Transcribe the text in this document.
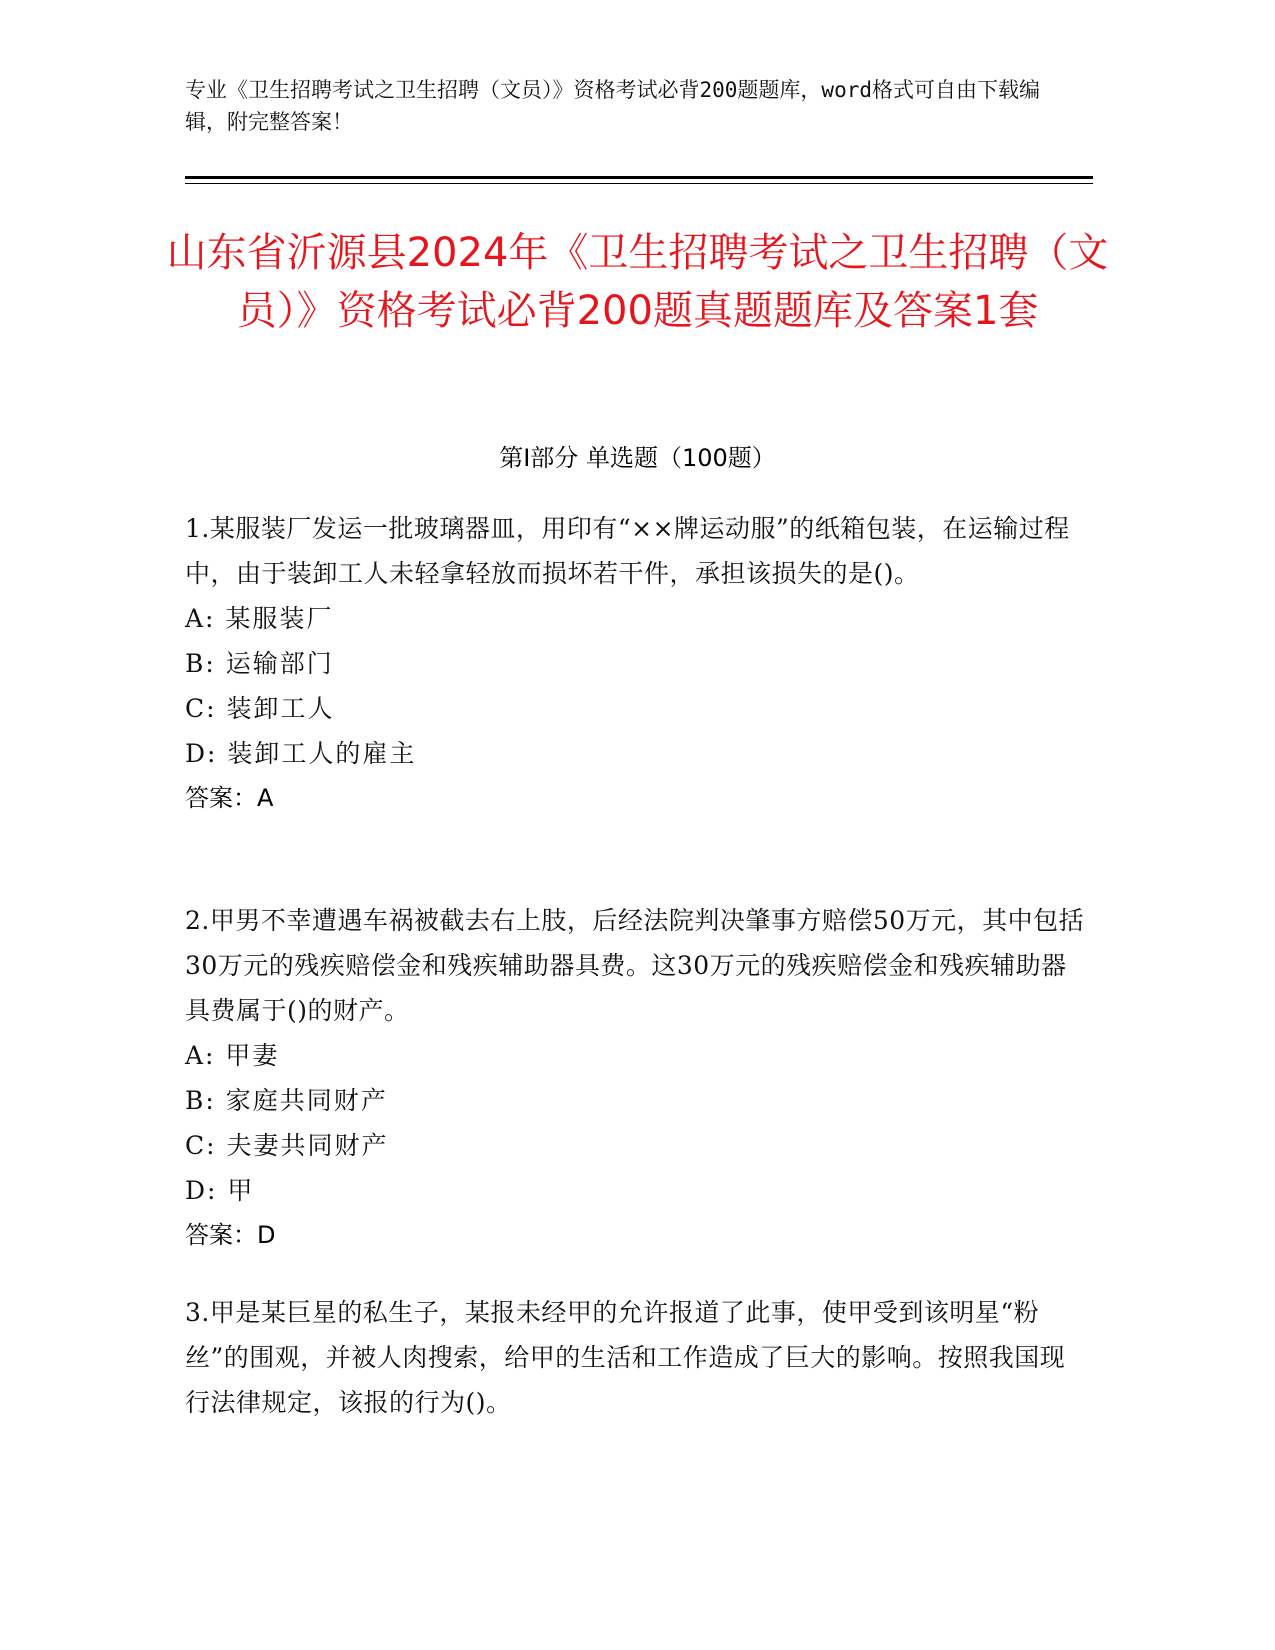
专业《卫生招聘考试之卫生招聘（文员）》资格考试必背200题题库，word格式可自由下载编辑，附完整答案！
山东省沂源县2024年《卫生招聘考试之卫生招聘（文员）》资格考试必背200题真题题库及答案1套
第Ⅰ部分 单选题（100题）
1.某服装厂发运一批玻璃器皿，用印有“××牌运动服”的纸箱包装，在运输过程中，由于装卸工人未轻拿轻放而损坏若干件，承担该损失的是()。
A: 某服装厂
B: 运输部门
C: 装卸工人
D: 装卸工人的雇主
答案：A
2.甲男不幸遭遇车祸被截去右上肢，后经法院判决肇事方赔偿50万元，其中包括30万元的残疾赔偿金和残疾辅助器具费。这30万元的残疾赔偿金和残疾辅助器具费属于()的财产。
A: 甲妻
B: 家庭共同财产
C: 夫妻共同财产
D: 甲
答案：D
3.甲是某巨星的私生子，某报未经甲的允许报道了此事，使甲受到该明星“粉丝”的围观，并被人肉搜索，给甲的生活和工作造成了巨大的影响。按照我国现行法律规定，该报的行为()。
